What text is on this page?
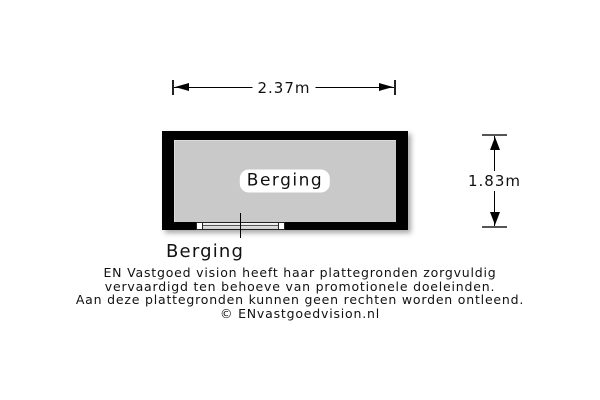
2.37m
Berging
Berging
1.83m
EN Vastgoed vision heeft haar plattegronden zorgvuldig
vervaardigd ten behoeve van promotionele doeleinden.
Aan deze plattegronden kunnen geen rechten worden ontleend.
© ENvastgoedvision.nl
